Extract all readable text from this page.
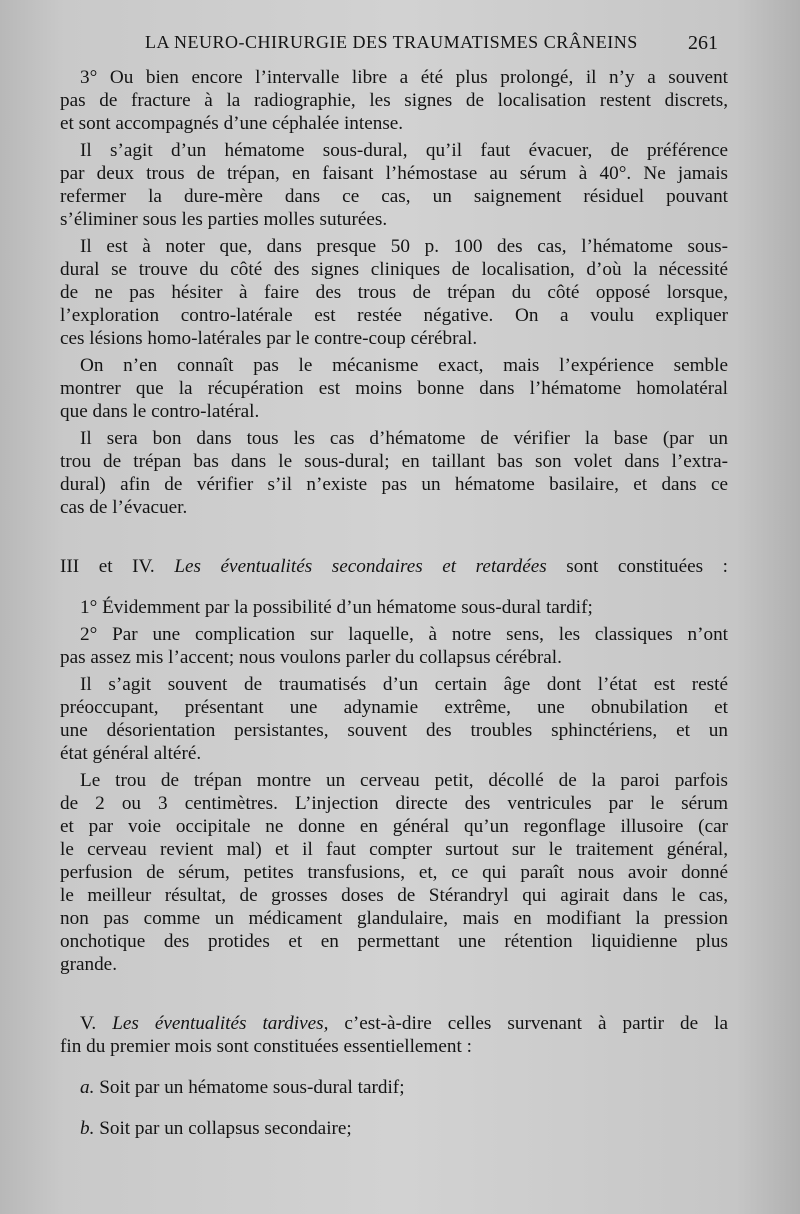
LA NEURO-CHIRURGIE DES TRAUMATISMES CRÂNEINS	261
3° Ou bien encore l’intervalle libre a été plus prolongé, il n’y a souvent
pas de fracture à la radiographie, les signes de localisation restent discrets,
et sont accompagnés d’une céphalée intense.
Il s’agit d’un hématome sous-dural, qu’il faut évacuer, de préférence
par deux trous de trépan, en faisant l’hémostase au sérum à 40°. Ne jamais
refermer la dure-mère dans ce cas, un saignement résiduel pouvant
s’éliminer sous les parties molles suturées.
Il est à noter que, dans presque 50 p. 100 des cas, l’hématome sous-
dural se trouve du côté des signes cliniques de localisation, d’où la nécessité
de ne pas hésiter à faire des trous de trépan du côté opposé lorsque,
l’exploration contro-latérale est restée négative. On a voulu expliquer
ces lésions homo-latérales par le contre-coup cérébral.
On n’en connaît pas le mécanisme exact, mais l’expérience semble
montrer que la récupération est moins bonne dans l’hématome homolatéral
que dans le contro-latéral.
Il sera bon dans tous les cas d’hématome de vérifier la base (par un
trou de trépan bas dans le sous-dural; en taillant bas son volet dans l’extra-
dural) afin de vérifier s’il n’existe pas un hématome basilaire, et dans ce
cas de l’évacuer.
III et IV. Les éventualités secondaires et retardées sont constituées :
1° Évidemment par la possibilité d’un hématome sous-dural tardif;
2° Par une complication sur laquelle, à notre sens, les classiques n’ont
pas assez mis l’accent; nous voulons parler du collapsus cérébral.
Il s’agit souvent de traumatisés d’un certain âge dont l’état est resté
préoccupant, présentant une adynamie extrême, une obnubilation et
une désorientation persistantes, souvent des troubles sphinctériens, et un
état général altéré.
Le trou de trépan montre un cerveau petit, décollé de la paroi parfois
de 2 ou 3 centimètres. L’injection directe des ventricules par le sérum
et par voie occipitale ne donne en général qu’un regonflage illusoire (car
le cerveau revient mal) et il faut compter surtout sur le traitement général,
perfusion de sérum, petites transfusions, et, ce qui paraît nous avoir donné
le meilleur résultat, de grosses doses de Stérandryl qui agirait dans le cas,
non pas comme un médicament glandulaire, mais en modifiant la pression
onchotique des protides et en permettant une rétention liquidienne plus
grande.
V. Les éventualités tardives, c’est-à-dire celles survenant à partir de la
fin du premier mois sont constituées essentiellement :
a. Soit par un hématome sous-dural tardif;
b. Soit par un collapsus secondaire;
